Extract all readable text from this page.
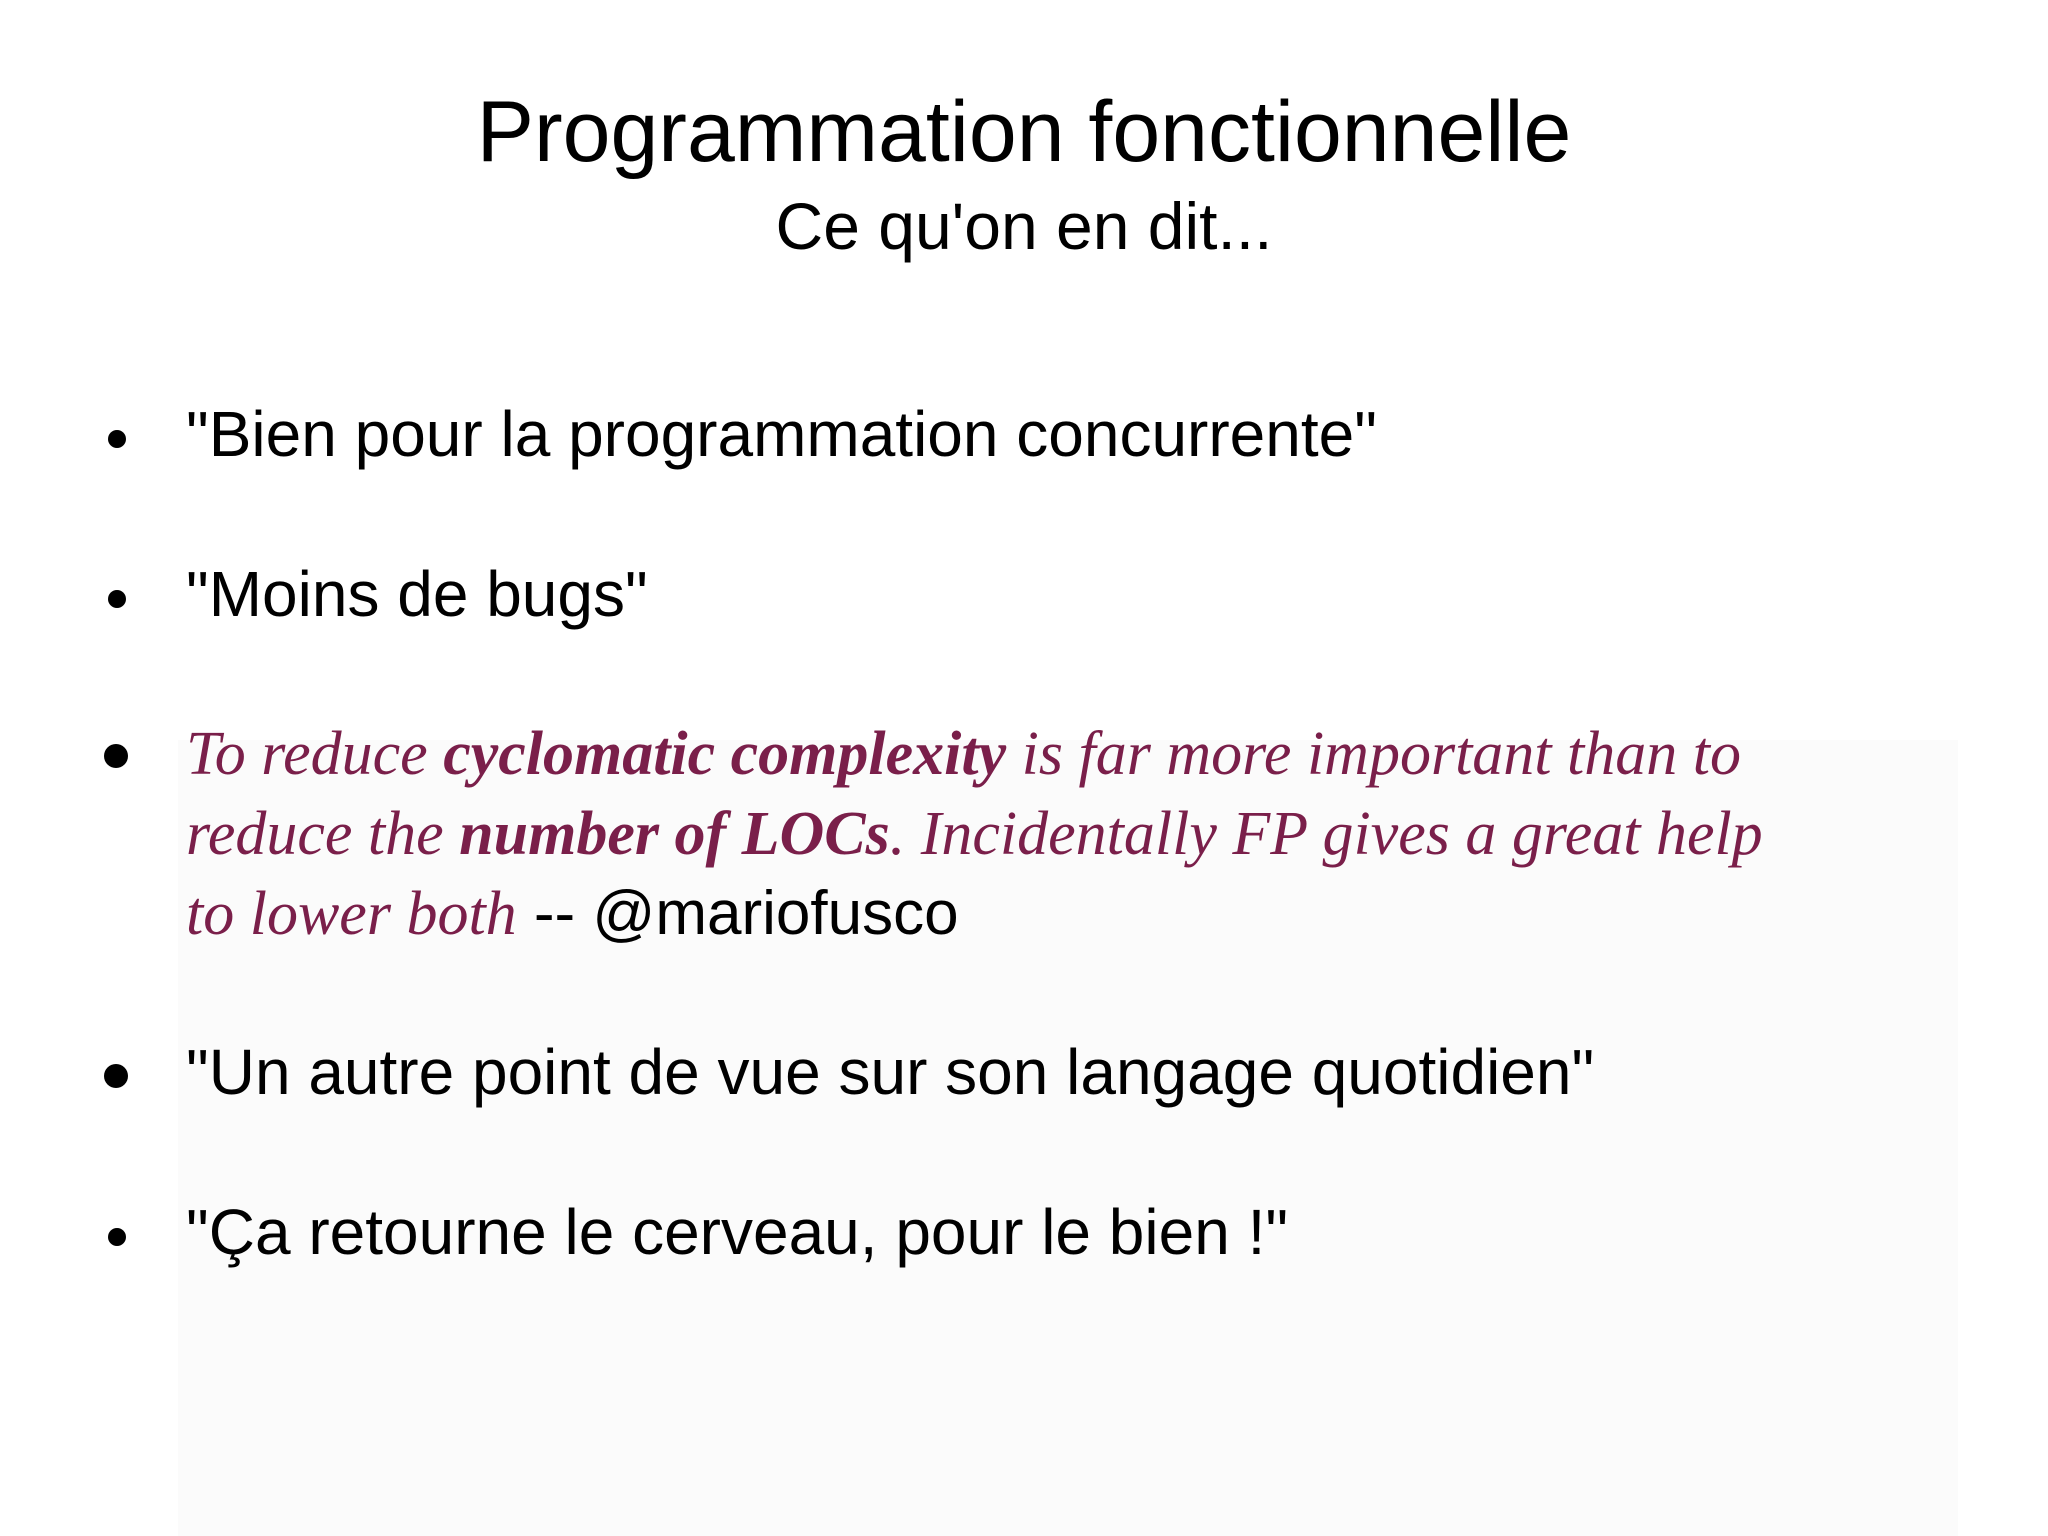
Programmation fonctionnelle
Ce qu'on en dit...
"Bien pour la programmation concurrente"
"Moins de bugs"
To reduce cyclomatic complexity is far more important than to
reduce the number of LOCs. Incidentally FP gives a great help
to lower both -- @mariofusco
"Un autre point de vue sur son langage quotidien"
"Ça retourne le cerveau, pour le bien !"
